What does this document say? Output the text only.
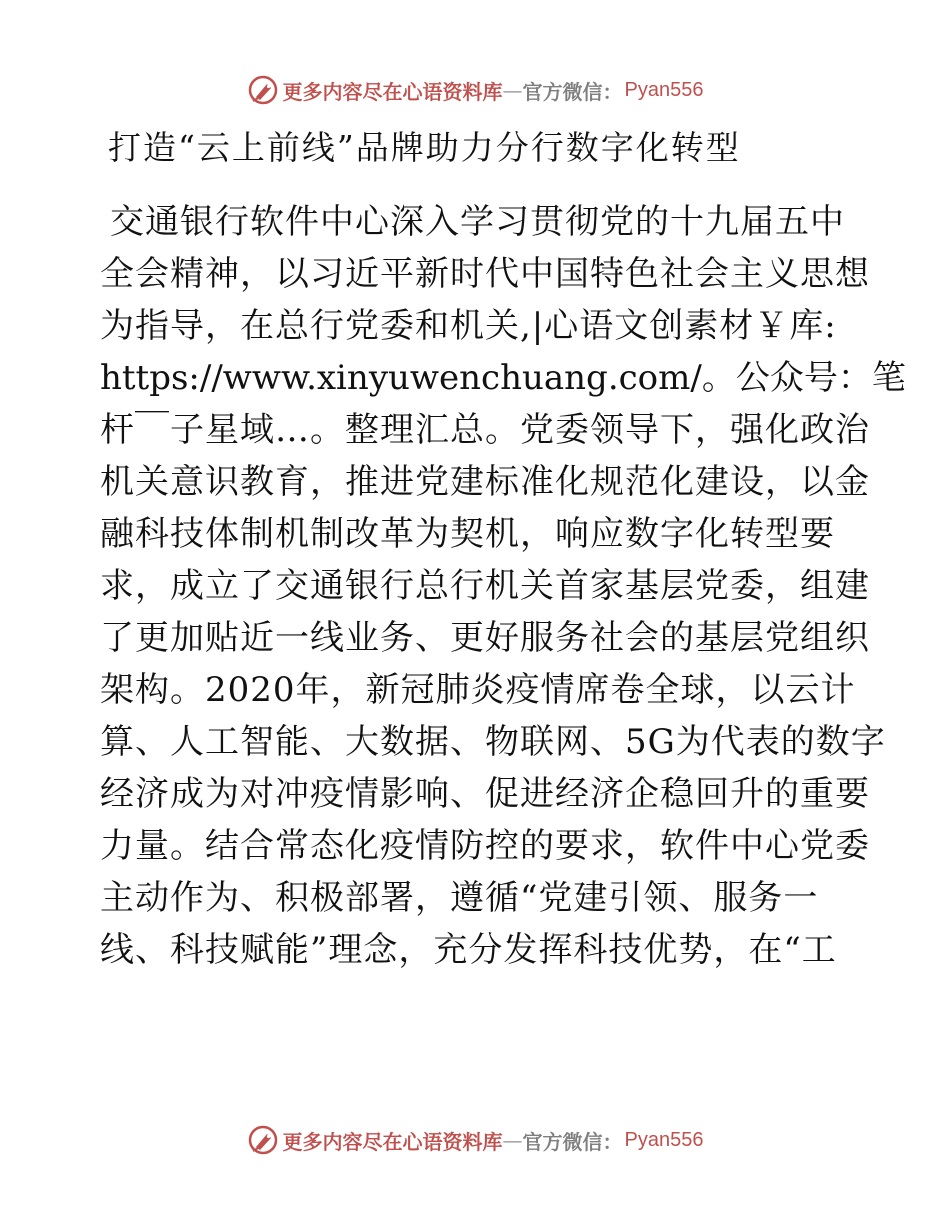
更多内容尽在心语资料库 — 官方微信： Pyan556
打造“云上前线”品牌助力分行数字化转型
交通银行软件中心深入学习贯彻党的十九届五中
全会精神，以习近平新时代中国特色社会主义思想
为指导，在总行党委和机关,|心语文创素材￥库:
https://www.xinyuwenchuang.com/。公众号：笔
杆￣子星域…。整理汇总。党委领导下，强化政治
机关意识教育，推进党建标准化规范化建设，以金
融科技体制机制改革为契机，响应数字化转型要
求，成立了交通银行总行机关首家基层党委，组建
了更加贴近一线业务、更好服务社会的基层党组织
架构。2020年，新冠肺炎疫情席卷全球，以云计
算、人工智能、大数据、物联网、5G为代表的数字
经济成为对冲疫情影响、促进经济企稳回升的重要
力量。结合常态化疫情防控的要求，软件中心党委
主动作为、积极部署，遵循“党建引领、服务一
线、科技赋能”理念，充分发挥科技优势，在“工
更多内容尽在心语资料库 — 官方微信： Pyan556
